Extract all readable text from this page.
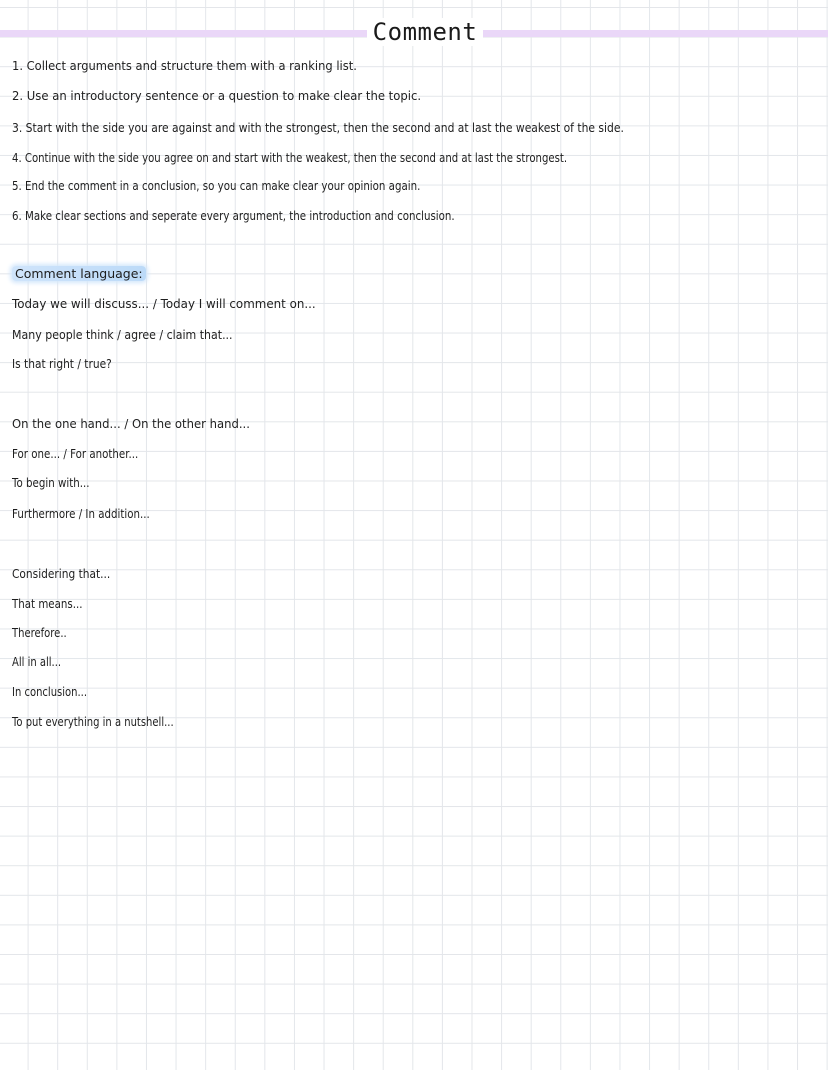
Comment
1. Collect arguments and structure them with a ranking list.
2. Use an introductory sentence or a question to make clear the topic.
3. Start with the side you are against and with the strongest, then the second and at last the weakest of the side.
4. Continue with the side you agree on and start with the weakest, then the second and at last the strongest.
5. End the comment in a conclusion, so you can make clear your opinion again.
6. Make clear sections and seperate every argument, the introduction and conclusion.
Comment language:
Today we will discuss... / Today I will comment on...
Many people think / agree / claim that...
Is that right / true?
On the one hand... / On the other hand...
For one... / For another...
To begin with...
Furthermore / In addition...
Considering that...
That means...
Therefore..
All in all...
In conclusion...
To put everything in a nutshell...
